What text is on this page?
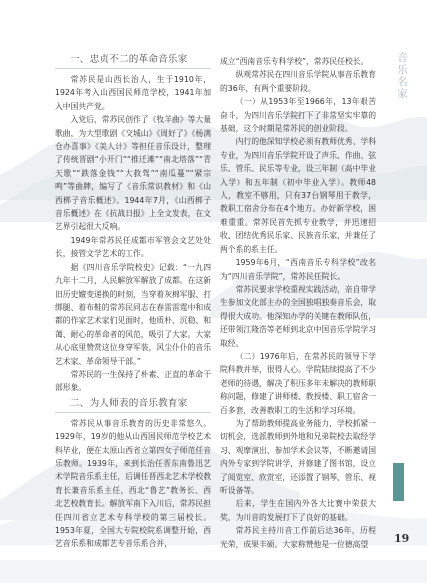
一、忠贞不二的革命音乐家

常苏民是山西长治人，生于1910年，1924年考入山西国民师范学校，1941年加入中国共产党。

入党后，常苏民创作了《牧羊曲》等大量歌曲，为大型歌剧《交城山》《周好了》《杨满仓办喜事》《美人计》等担任音乐设计，整理了传统晋剧“小开门”“推迁滩”“南北塔落”“青天歌”“跌落金钱”“大救驾”“南瓜蔓”“紧宗鸣”等曲牌，编写了《音乐常识教材》和《山西梆子音乐概述》。1944年7月，《山西梆子音乐概述》在《抗战日报》上全文发表，在文艺界引起很大反响。

1949年常苏民任成都市军管会文艺处处长，接管文学艺术的工作。

据《四川音乐学院校史》记载：“一九四九年十二月，人民解放军解放了成都。在这新旧历史嬗变递换的时刻，当穿着灰棉军服、打绑腿、着布鞋的常苏民同志在春雷雷霆中和成都的作家艺术家们见面时，他质朴、沉稳、和蔼、耐心的革命者的风范，吸引了大家。大家从心底里赞赏这位身穿军装，风尘仆仆的音乐艺术家、革命领导干部。”

常苏民的一生保持了朴素、正直的革命干部形象。

二、为人师表的音乐教育家

常苏民从事音乐教育的历史非常悠久。1929年，19岁的他从山西国民师范学校艺术科毕业，便在太原山西省立第四女子师范任音乐教师。1939年，来到长治任晋东南鲁迅艺术学院音乐系主任，后调任晋西北艺术学校教育长兼音乐系主任，西北“鲁艺”教务长、西北艺校教育长。解放军南下入川后，常苏民担任四川省立艺术专科学校的第三届校长。1953年夏，全国大专院校院系调整开始，西艺音乐系和成都艺专音乐系合并，

成立“西南音乐专科学校”，常苏民任校长。

纵观常苏民在四川音乐学院从事音乐教育的36年，有两个重要阶段。

（一）从1953年至1966年，13年艰苦奋斗，为四川音乐学院打下了非常坚实牢靠的基础，这个时期是常苏民的创业阶段。

内行的他深知学校必须有教师优秀、学科专业，为四川音乐学院开设了声乐、作曲、弦乐、管乐、民乐等专业，设三年制（高中毕业入学）和五年制（初中毕业入学）。教师48人，教室不够用，只有37台钢琴用于教学，教职工宿舍分布在4个地方。办好新学校，困难重重。常苏民首先抓专业教学，并迅速招收、团结优秀民乐家、民族音乐家，并兼任了两个系的系主任。

1959年6月，“西南音乐专科学校”改名为“四川音乐学院”，常苏民任院长。

常苏民要求学校重视实践活动，亲自带学生参加文化部主办的全国独唱独奏音乐会，取得很大成功。他深知办学的关键在教师队伍，还带领江隆浩等老师到北京中国音乐学院学习取经。

（二）1976年后，在常苏民的领导下学院科教并举，很得人心。学院陆续提高了不少老师的待遇，解决了积压多年未解决的教师职称问题，修建了讲师楼、教授楼、职工宿舍一百多套，改善教职工的生活和学习环境。

为了帮助教师提高业务能力，学校抓紧一切机会，选派教师到外地和兄弟院校去取经学习、观摩演出、参加学术会议等，不断邀请国内外专家到学院讲学，并修建了图书馆，设立了阅览室、欣赏室，还添置了钢琴、管乐、视听设备等。

后来，学生在国内外各大比赛中荣获大奖，为川音的发展打下了良好的基础。

常苏民主持川音工作前后达36年，历程光荣，成果丰硕。大家称赞他是一位德高望

音乐名家
19
